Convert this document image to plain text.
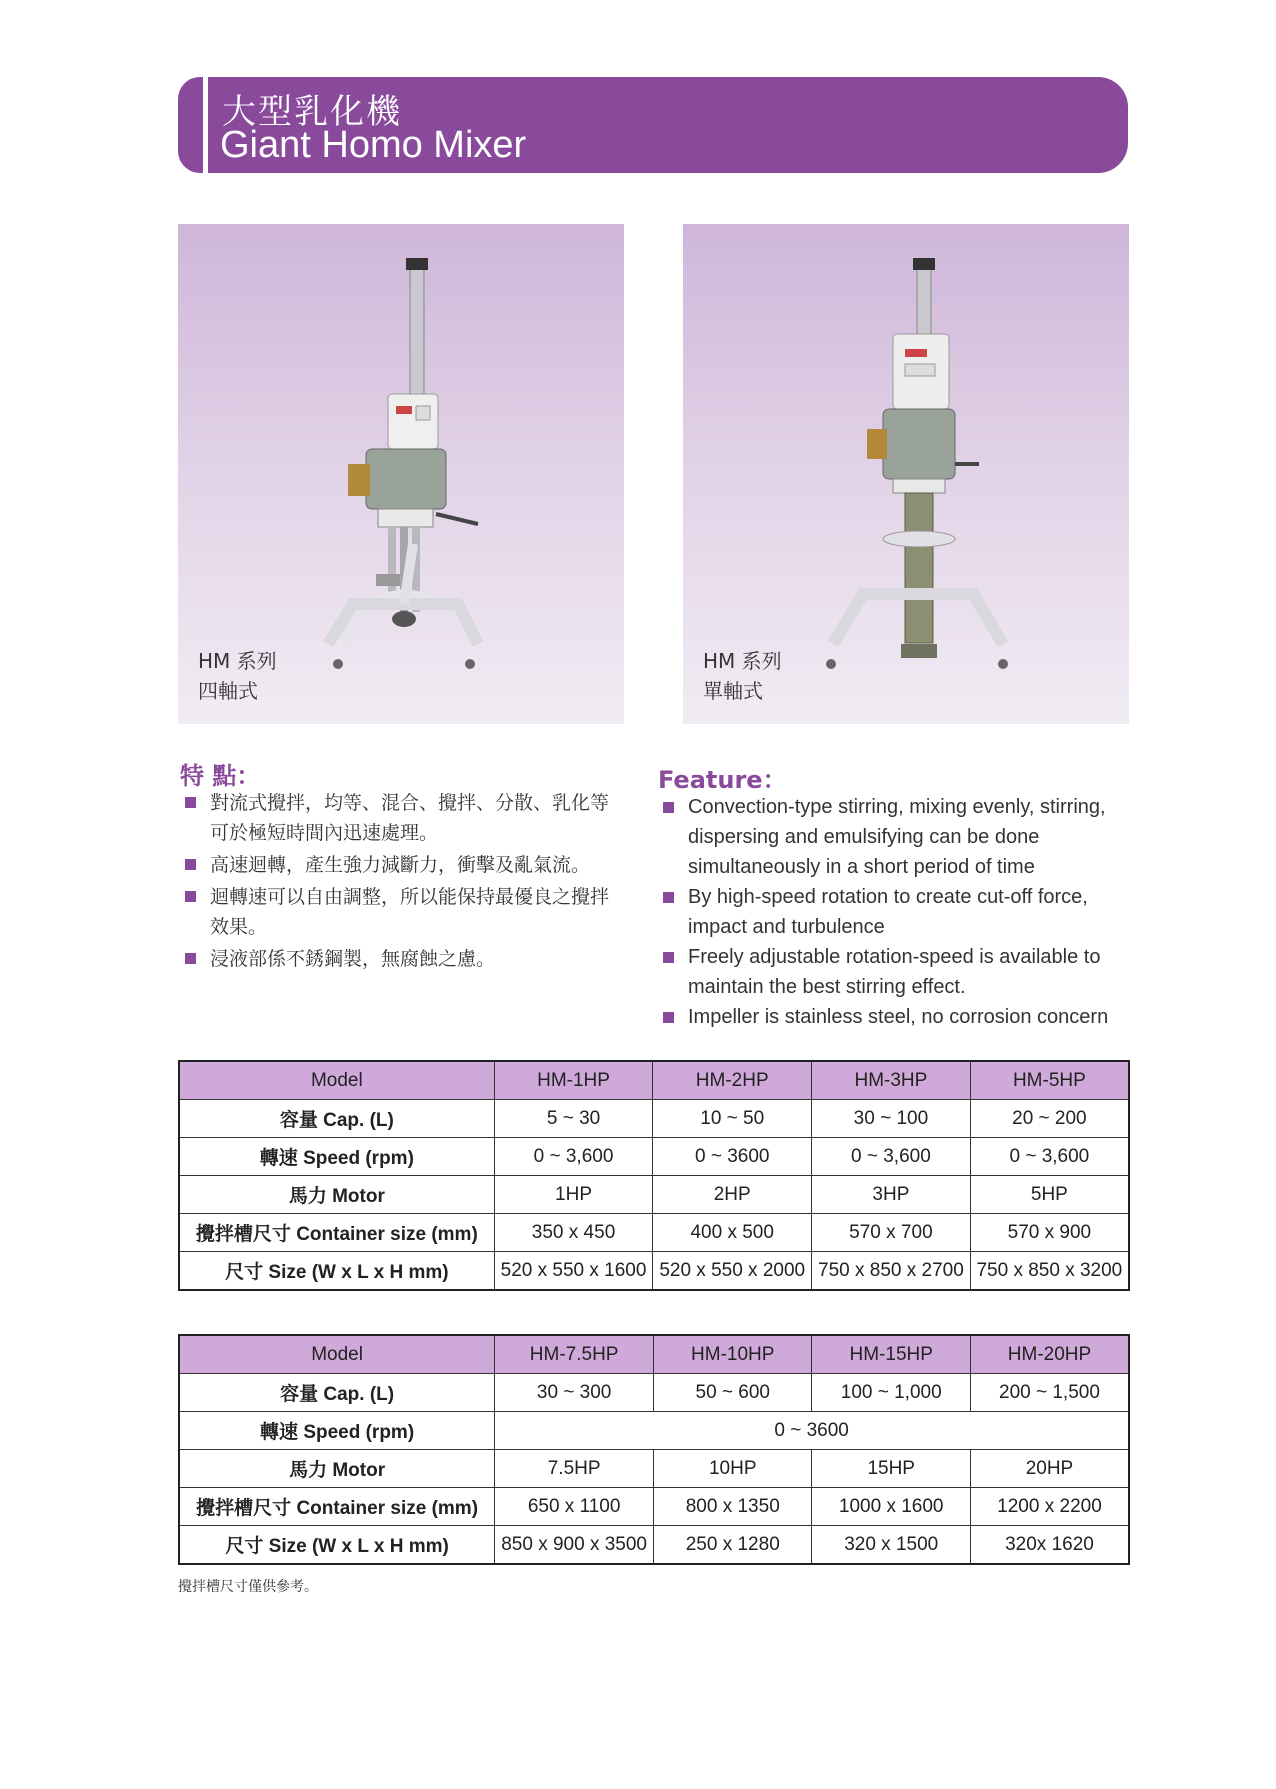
大型乳化機
Giant Homo Mixer
HM 系列
四軸式
HM 系列
單軸式
特 點：
對流式攪拌，均等、混合、攪拌、分散、乳化等可於極短時間內迅速處理。
高速迴轉，產生強力減斷力，衝擊及亂氣流。
迴轉速可以自由調整，所以能保持最優良之攪拌效果。
浸液部係不銹鋼製，無腐蝕之慮。
Feature：
Convection-type stirring, mixing evenly, stirring, dispersing and emulsifying can be done simultaneously in a short period of time
By high-speed rotation to create cut-off force, impact and turbulence
Freely adjustable rotation-speed is available to maintain the best stirring effect.
Impeller is stainless steel, no corrosion concern
Model	HM-1HP	HM-2HP	HM-3HP	HM-5HP
容量 Cap. (L)	5 ~ 30	10 ~ 50	30 ~ 100	20 ~ 200
轉速 Speed (rpm)	0 ~ 3,600	0 ~ 3600	0 ~ 3,600	0 ~ 3,600
馬力 Motor	1HP	2HP	3HP	5HP
攪拌槽尺寸 Container size (mm)	350 x 450	400 x 500	570 x 700	570 x 900
尺寸 Size (W x L x H mm)	520 x 550 x 1600	520 x 550 x 2000	750 x 850 x 2700	750 x 850 x 3200
Model	HM-7.5HP	HM-10HP	HM-15HP	HM-20HP
容量 Cap. (L)	30 ~ 300	50 ~ 600	100 ~ 1,000	200 ~ 1,500
轉速 Speed (rpm)	0 ~ 3600			
馬力 Motor	7.5HP	10HP	15HP	20HP
攪拌槽尺寸 Container size (mm)	650 x 1100	800 x 1350	1000 x 1600	1200 x 2200
尺寸 Size (W x L x H mm)	850 x 900 x 3500	250 x 1280	320 x 1500	320x 1620
攪拌槽尺寸僅供參考。
